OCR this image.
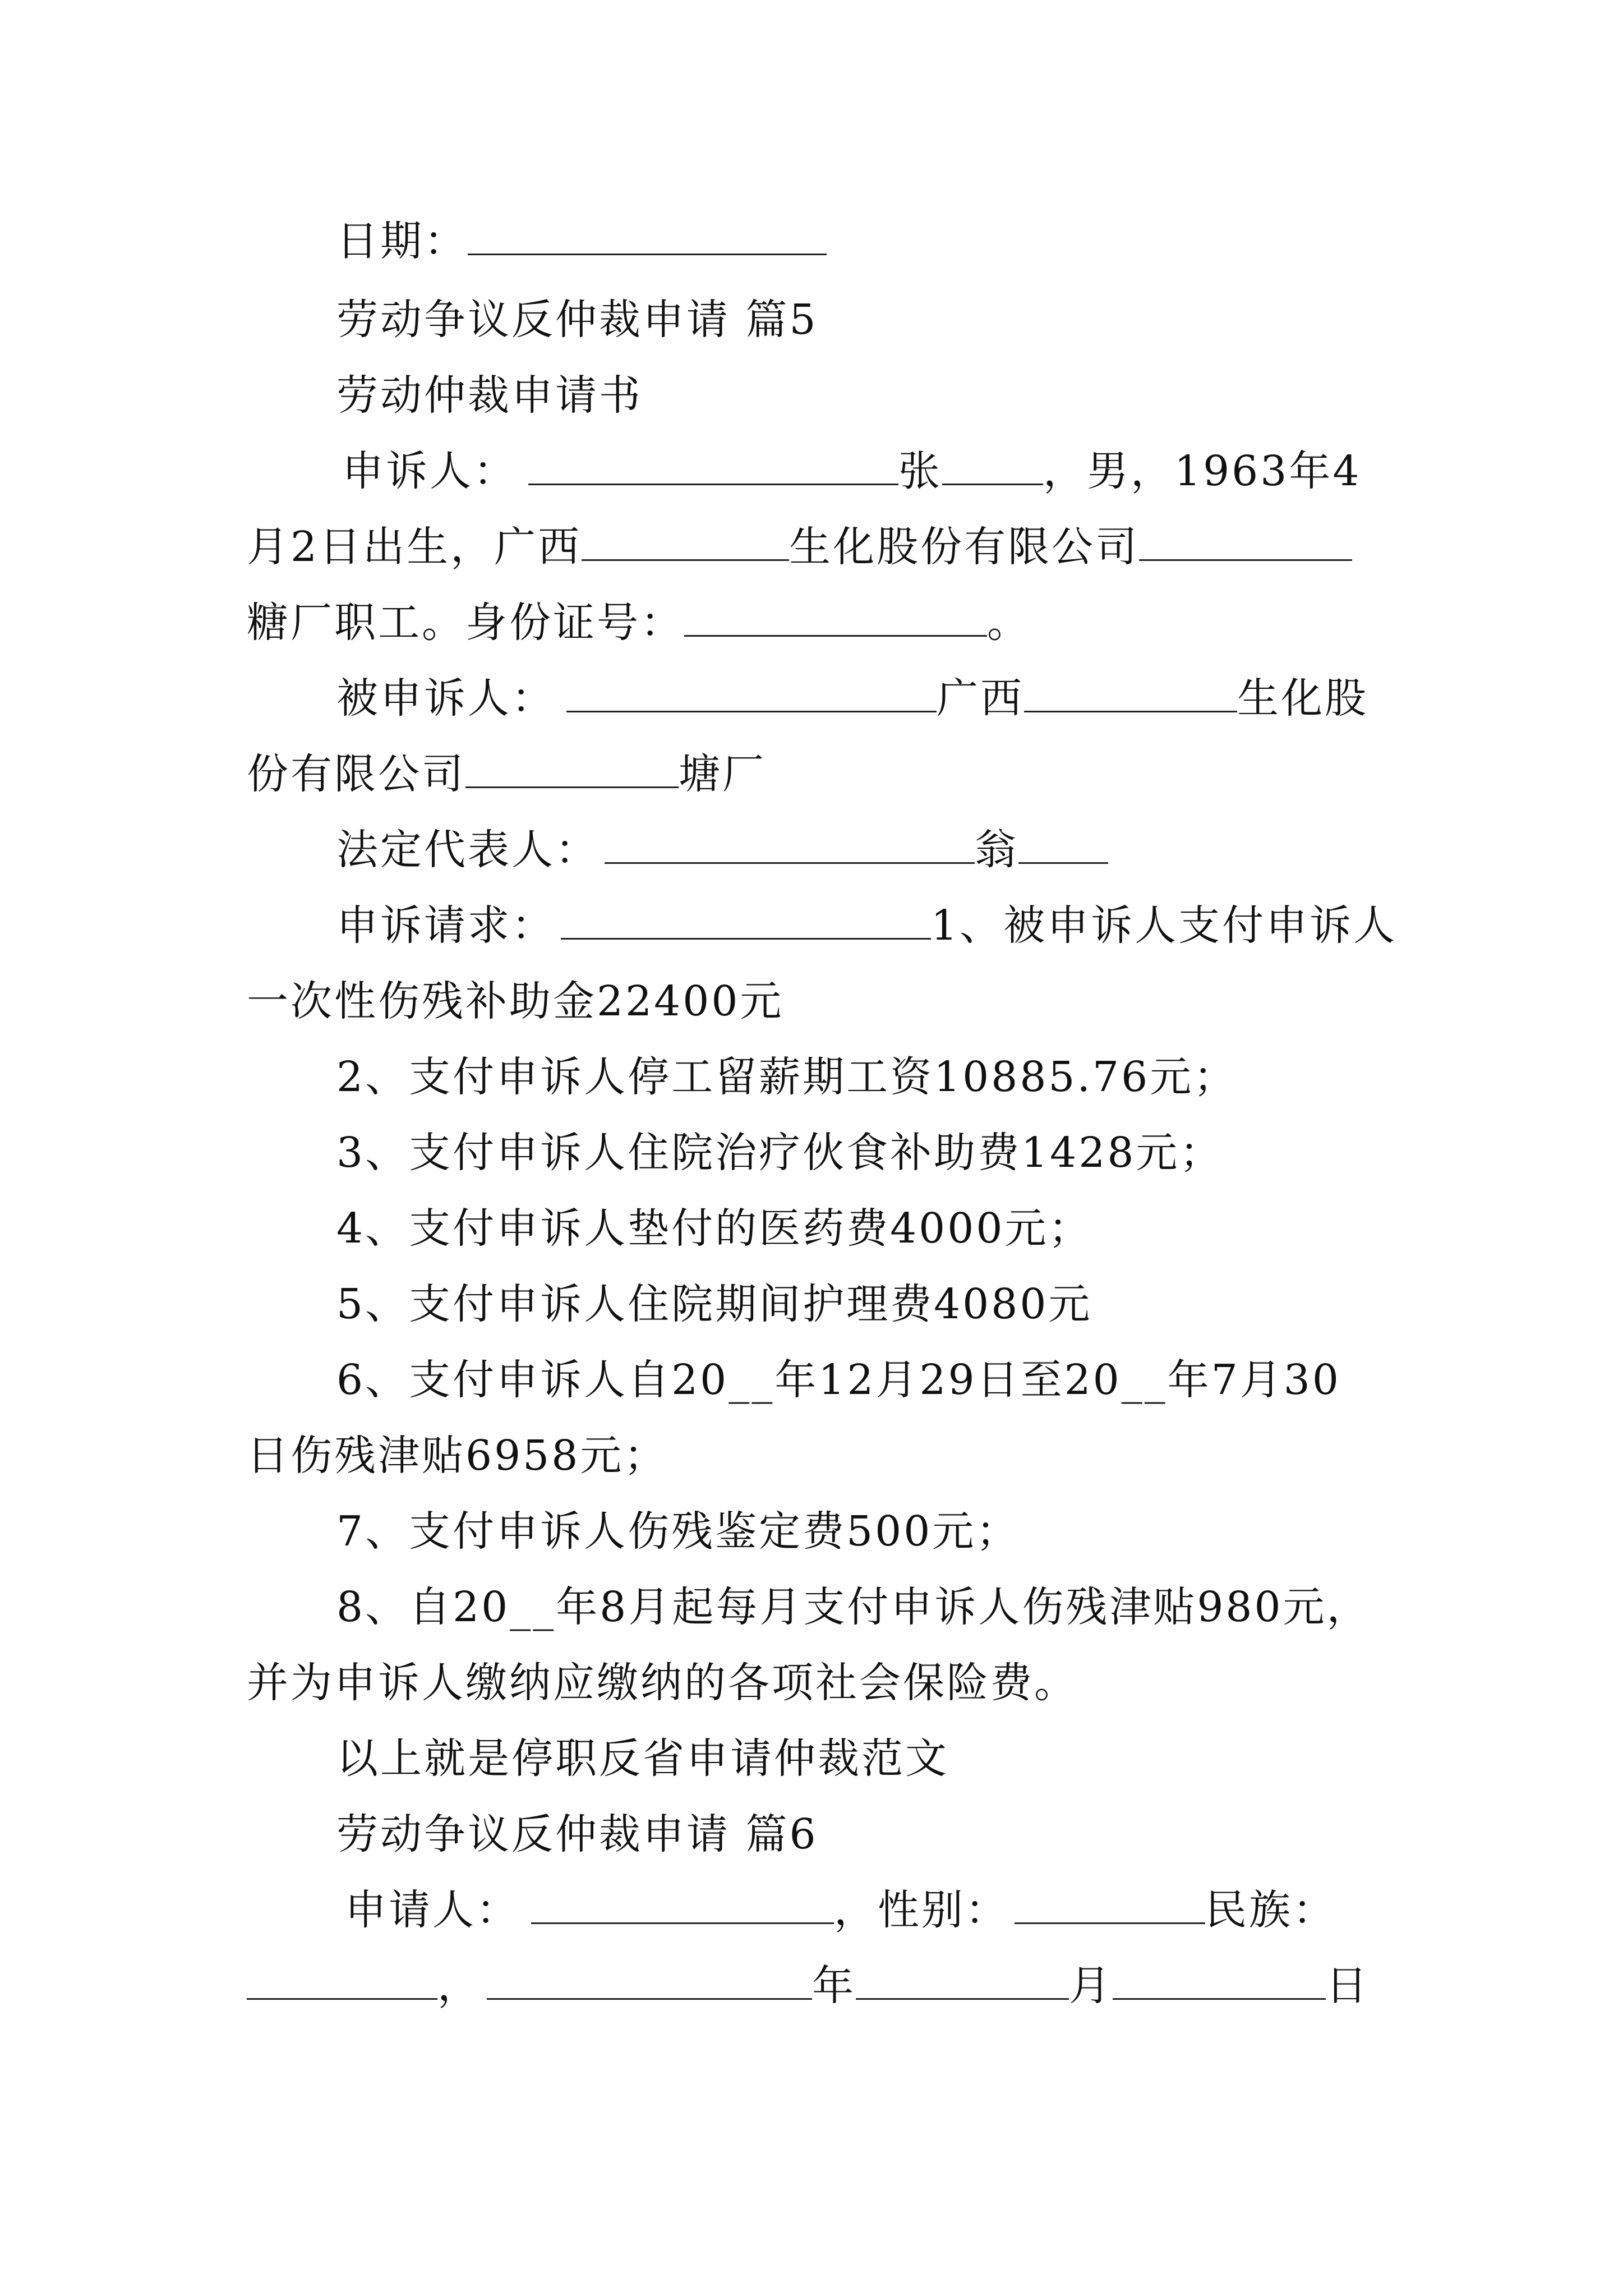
日期：
劳动争议反仲裁申请 篇5
劳动仲裁申请书
申诉人：	张 ，男，1963年4
月2日出生，广西	生化股份有限公司
糖厂职工。身份证号：	。
被申诉人：	广西	生化股
份有限公司	塘厂
法定代表人：	翁
申诉请求：	1、被申诉人支付申诉人
一次性伤残补助金22400元
2、支付申诉人停工留薪期工资10885.76元；
3、支付申诉人住院治疗伙食补助费1428元；
4、支付申诉人垫付的医药费4000元；
5、支付申诉人住院期间护理费4080元
6、支付申诉人自20__年12月29日至20__年7月30
日伤残津贴6958元；
7、支付申诉人伤残鉴定费500元；
8、自20__年8月起每月支付申诉人伤残津贴980元，
并为申诉人缴纳应缴纳的各项社会保险费。
以上就是停职反省申请仲裁范文
劳动争议反仲裁申请 篇6
申请人：	，性别：	民族：
，	年	月	日
